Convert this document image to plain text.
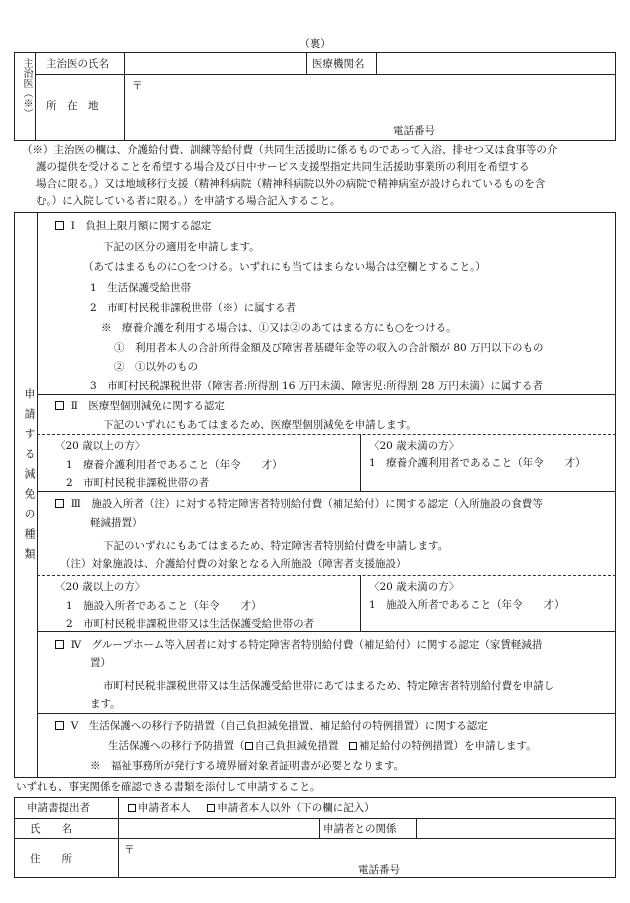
（裏）
主治医（※） 主治医の氏名	医療機関名
所　在　地
〒
電話番号
（※）主治医の欄は、介護給付費、訓練等給付費（共同生活援助に係るものであって入浴、排せつ又は食事等の介
護の提供を受けることを希望する場合及び日中サービス支援型指定共同生活援助事業所の利用を希望する
場合に限る。）又は地域移行支援（精神科病院（精神科病院以外の病院で精神病室が設けられているものを含
む。）に入院している者に限る。）を申請する場合記入すること。
申請する減免の種類
Ⅰ　負担上限月額に関する認定
下記の区分の適用を申請します。
（あてはまるものに○をつける。いずれにも当てはまらない場合は空欄とすること。）
1　生活保護受給世帯
2　市町村民税非課税世帯（※）に属する者
※　療養介護を利用する場合は、①又は②のあてはまる方にも○をつける。
①　利用者本人の合計所得金額及び障害者基礎年金等の収入の合計額が 80 万円以下のもの
②　①以外のもの
3　市町村民税課税世帯（障害者:所得割 16 万円未満、障害児:所得割 28 万円未満）に属する者
Ⅱ　医療型個別減免に関する認定
下記のいずれにもあてはまるため、医療型個別減免を申請します。
〈20 歳以上の方〉
1　療養介護利用者であること（年令　　才）
2　市町村民税非課税世帯の者
〈20 歳未満の方〉
1　療養介護利用者であること（年令　　才）
Ⅲ　施設入所者（注）に対する特定障害者特別給付費（補足給付）に関する認定（入所施設の食費等
軽減措置）
下記のいずれにもあてはまるため、特定障害者特別給付費を申請します。
（注）対象施設は、介護給付費の対象となる入所施設（障害者支援施設）
〈20 歳以上の方〉
1　施設入所者であること（年令　　才）
2　市町村民税非課税世帯又は生活保護受給世帯の者
〈20 歳未満の方〉
1　施設入所者であること（年令　　才）
Ⅳ　グループホーム等入居者に対する特定障害者特別給付費（補足給付）に関する認定（家賃軽減措
置）
市町村民税非課税世帯又は生活保護受給世帯にあてはまるため、特定障害者特別給付費を申請し
ます。
Ⅴ　生活保護への移行予防措置（自己負担減免措置、補足給付の特例措置）に関する認定
生活保護への移行予防措置（ 自己負担減免措置　補足給付の特例措置）を申請します。
※　福祉事務所が発行する境界層対象者証明書が必要となります。
いずれも、事実関係を確認できる書類を添付して申請すること。
申請書提出者	申請者本人	申請者本人以外（下の欄に記入）
氏　　名	申請者との関係
住　　所
〒
電話番号
